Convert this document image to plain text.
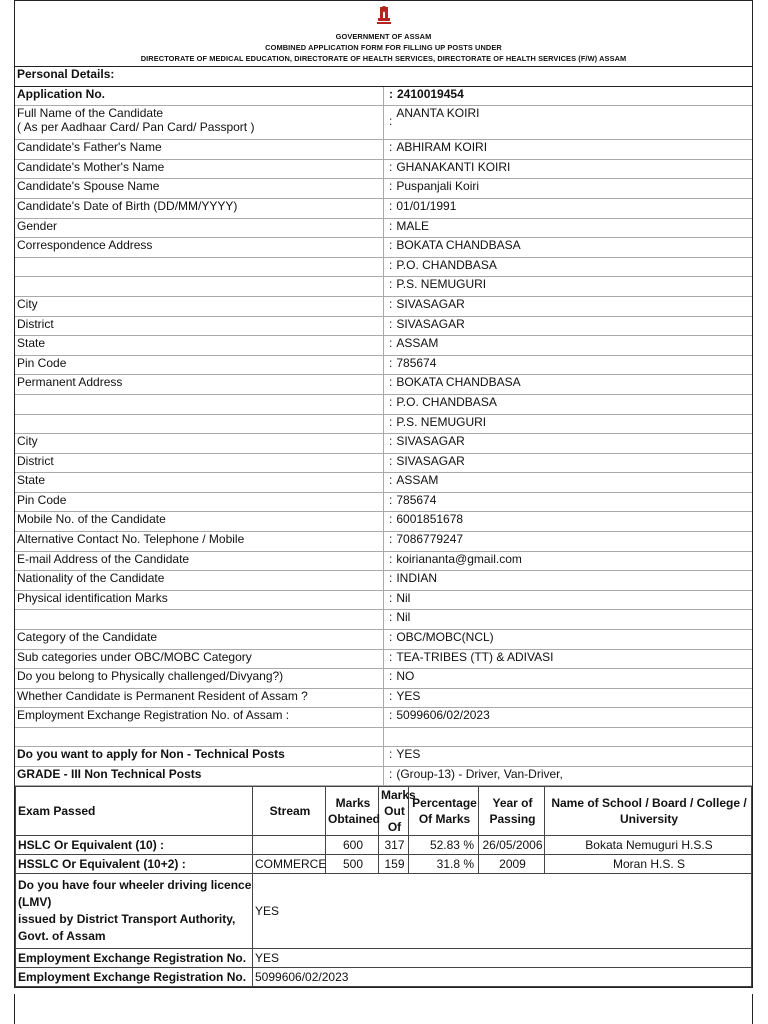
GOVERNMENT OF ASSAM
COMBINED APPLICATION FORM FOR FILLING UP POSTS UNDER
DIRECTORATE OF MEDICAL EDUCATION, DIRECTORATE OF HEALTH SERVICES, DIRECTORATE OF HEALTH SERVICES (F/W) ASSAM
Personal Details:	
Application No.	: 2410019454

Full Name of the Candidate
( As per Aadhaar Card/ Pan Card/ Passport )	:ANANTA KOIRI
Candidate's Father's Name	: ABHIRAM KOIRI
Candidate's Mother's Name	: GHANAKANTI KOIRI
Candidate's Spouse Name	: Puspanjali Koiri
Candidate's Date of Birth (DD/MM/YYYY)	: 01/01/1991
Gender	: MALE
Correspondence Address	: BOKATA CHANDBASA
	: P.O. CHANDBASA
	: P.S. NEMUGURI
City	: SIVASAGAR
District	: SIVASAGAR
State	: ASSAM
Pin Code	: 785674
Permanent Address	: BOKATA CHANDBASA
	: P.O. CHANDBASA
	: P.S. NEMUGURI
City	: SIVASAGAR
District	: SIVASAGAR
State	: ASSAM
Pin Code	: 785674
Mobile No. of the Candidate	: 6001851678
Alternative Contact No. Telephone / Mobile	: 7086779247
E-mail Address of the Candidate	: koiriananta@gmail.com
Nationality of the Candidate	: INDIAN
Physical identification Marks	: Nil
	: Nil
Category of the Candidate	: OBC/MOBC(NCL)
Sub categories under OBC/MOBC Category	: TEA-TRIBES (TT) & ADIVASI
Do you belong to Physically challenged/Divyang?)	: NO
Whether Candidate is Permanent Resident of Assam ?	: YES
Employment Exchange Registration No. of Assam :	: 5099606/02/2023

Do you want to apply for Non - Technical Posts	: YES
GRADE - III Non Technical Posts	: (Group-13) - Driver, Van-Driver,
Exam Passed	Stream	Marks Obtained	Marks Out Of	Percentage Of Marks	Year of Passing	Name of School / Board / College / University
HSLC Or Equivalent (10) :		600	317	52.83 %	26/05/2006	Bokata Nemuguri H.S.S
HSSLC Or Equivalent (10+2) :	COMMERCE	500	159	31.8 %	2009	Moran H.S. S

Do you have four wheeler driving licence (LMV)
issued by District Transport Authority, Govt. of Assam	YES					
Employment Exchange Registration No.	YES					
Employment Exchange Registration No.	5099606/02/2023					
